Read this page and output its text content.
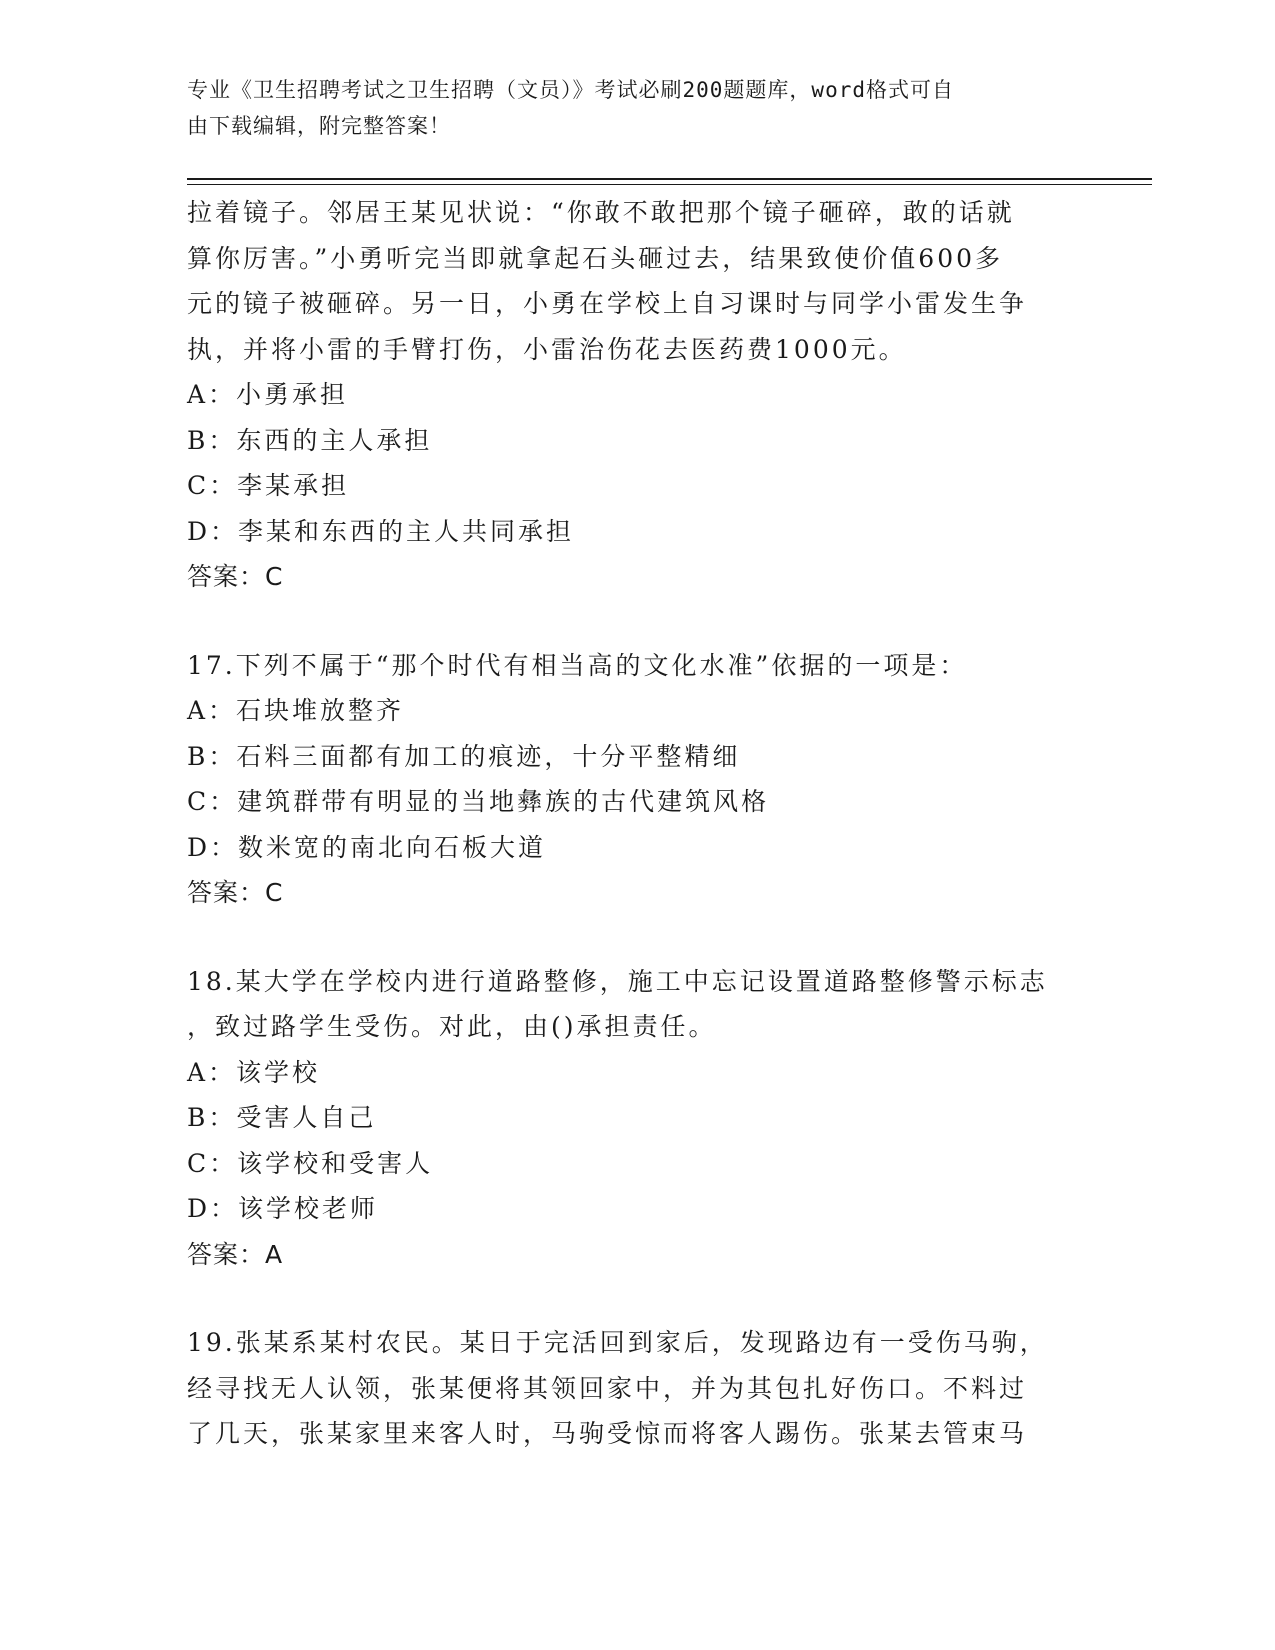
专业《卫生招聘考试之卫生招聘（文员）》考试必刷200题题库，word格式可自
由下载编辑，附完整答案！
拉着镜子。邻居王某见状说：“你敢不敢把那个镜子砸碎，敢的话就
算你厉害。”小勇听完当即就拿起石头砸过去，结果致使价值600多
元的镜子被砸碎。另一日，小勇在学校上自习课时与同学小雷发生争
执，并将小雷的手臂打伤，小雷治伤花去医药费1000元。
A：小勇承担
B：东西的主人承担
C：李某承担
D：李某和东西的主人共同承担
答案：C
17.下列不属于“那个时代有相当高的文化水准”依据的一项是：
A：石块堆放整齐
B：石料三面都有加工的痕迹，十分平整精细
C：建筑群带有明显的当地彝族的古代建筑风格
D：数米宽的南北向石板大道
答案：C
18.某大学在学校内进行道路整修，施工中忘记设置道路整修警示标志
，致过路学生受伤。对此，由()承担责任。
A：该学校
B：受害人自己
C：该学校和受害人
D：该学校老师
答案：A
19.张某系某村农民。某日于完活回到家后，发现路边有一受伤马驹，
经寻找无人认领，张某便将其领回家中，并为其包扎好伤口。不料过
了几天，张某家里来客人时，马驹受惊而将客人踢伤。张某去管束马
